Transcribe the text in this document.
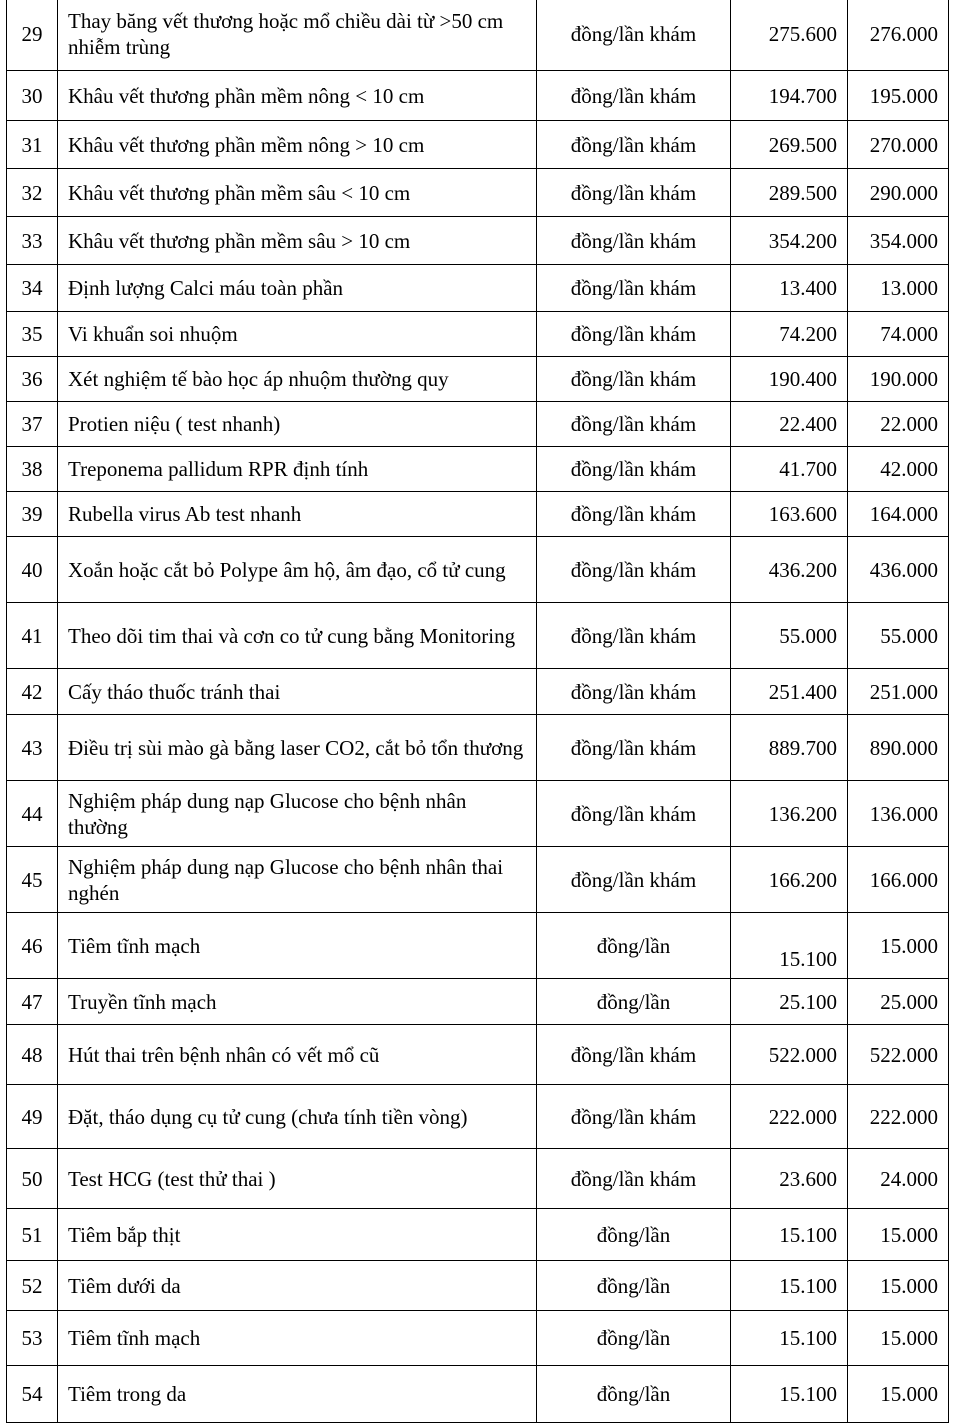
29	Thay băng vết thương hoặc mổ chiều dài từ >50 cm nhiễm trùng	đồng/lần khám	275.600	276.000
30	Khâu vết thương phần mềm nông < 10 cm	đồng/lần khám	194.700	195.000
31	Khâu vết thương phần mềm nông > 10 cm	đồng/lần khám	269.500	270.000
32	Khâu vết thương phần mềm sâu < 10 cm	đồng/lần khám	289.500	290.000
33	Khâu vết thương phần mềm sâu > 10 cm	đồng/lần khám	354.200	354.000
34	Định lượng Calci máu toàn phần	đồng/lần khám	13.400	13.000
35	Vi khuẩn soi nhuộm	đồng/lần khám	74.200	74.000
36	Xét nghiệm tế bào học áp nhuộm thường quy	đồng/lần khám	190.400	190.000
37	Protien niệu ( test nhanh)	đồng/lần khám	22.400	22.000
38	Treponema pallidum RPR định tính	đồng/lần khám	41.700	42.000
39	Rubella virus Ab test nhanh	đồng/lần khám	163.600	164.000
40	Xoắn hoặc cắt bỏ Polype âm hộ, âm đạo, cổ tử cung	đồng/lần khám	436.200	436.000
41	Theo dõi tim thai và cơn co tử cung bằng Monitoring	đồng/lần khám	55.000	55.000
42	Cấy tháo thuốc tránh thai	đồng/lần khám	251.400	251.000
43	Điều trị sùi mào gà bằng laser CO2, cắt bỏ tổn thương	đồng/lần khám	889.700	890.000
44	Nghiệm pháp dung nạp Glucose cho bệnh nhân thường	đồng/lần khám	136.200	136.000
45	Nghiệm pháp dung nạp Glucose cho bệnh nhân thai nghén	đồng/lần khám	166.200	166.000
46	Tiêm tĩnh mạch	đồng/lần	15.100	15.000
47	Truyền tĩnh mạch	đồng/lần	25.100	25.000
48	Hút thai trên bệnh nhân có vết mổ cũ	đồng/lần khám	522.000	522.000
49	Đặt, tháo dụng cụ tử cung (chưa tính tiền vòng)	đồng/lần khám	222.000	222.000
50	Test HCG (test thử thai )	đồng/lần khám	23.600	24.000
51	Tiêm bắp thịt	đồng/lần	15.100	15.000
52	Tiêm dưới da	đồng/lần	15.100	15.000
53	Tiêm tĩnh mạch	đồng/lần	15.100	15.000
54	Tiêm trong da	đồng/lần	15.100	15.000
